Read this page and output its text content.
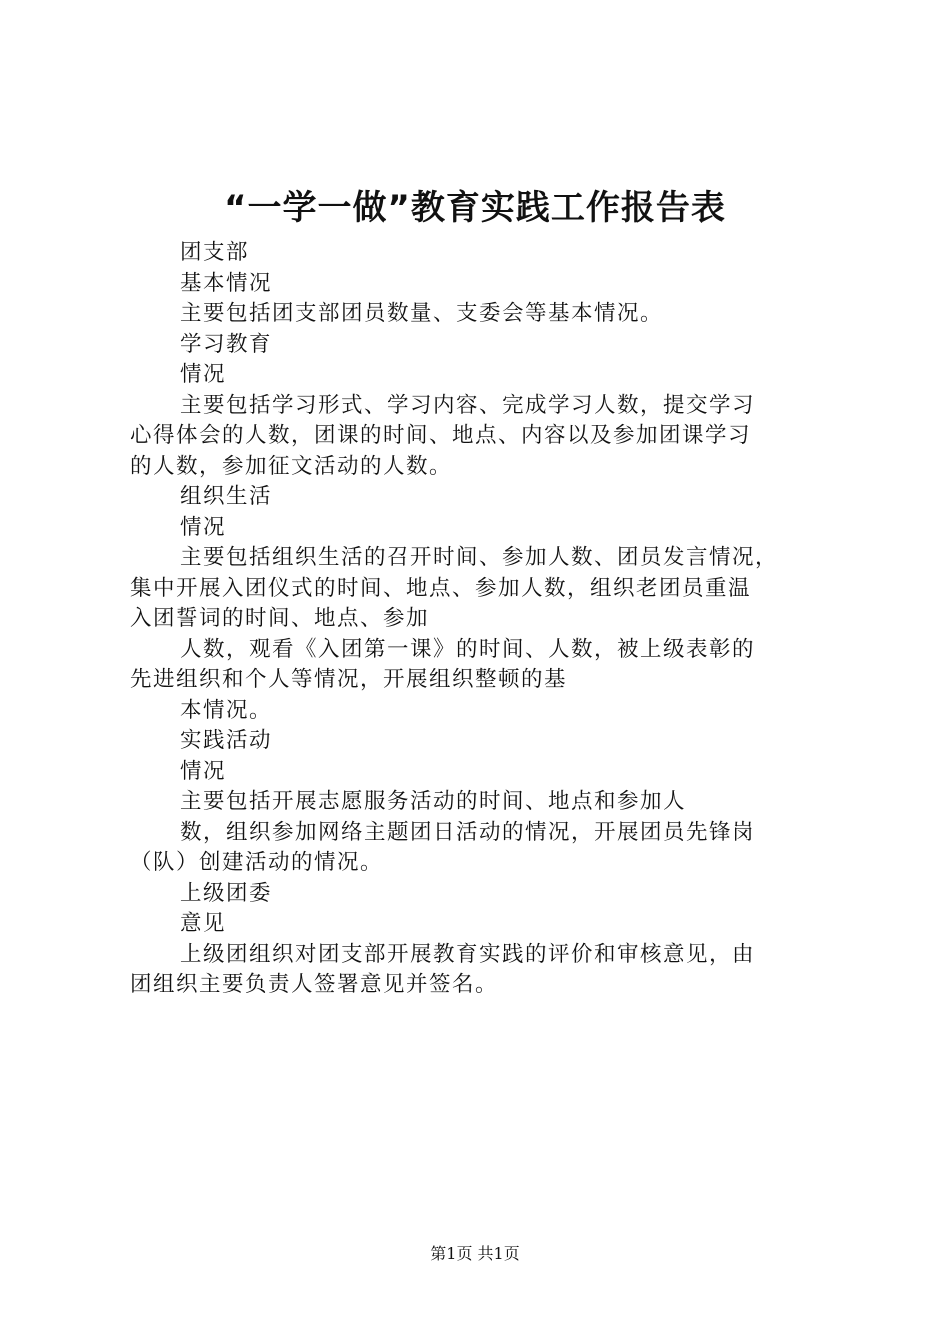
“一学一做”教育实践工作报告表
团支部
基本情况
主要包括团支部团员数量、支委会等基本情况。
学习教育
情况
主要包括学习形式、学习内容、完成学习人数，提交学习
心得体会的人数，团课的时间、地点、内容以及参加团课学习
的人数，参加征文活动的人数。
组织生活
情况
主要包括组织生活的召开时间、参加人数、团员发言情况，
集中开展入团仪式的时间、地点、参加人数，组织老团员重温
入团誓词的时间、地点、参加
人数，观看《入团第一课》的时间、人数，被上级表彰的
先进组织和个人等情况，开展组织整顿的基
本情况。
实践活动
情况
主要包括开展志愿服务活动的时间、地点和参加人
数，组织参加网络主题团日活动的情况，开展团员先锋岗
（队）创建活动的情况。
上级团委
意见
上级团组织对团支部开展教育实践的评价和审核意见，由
团组织主要负责人签署意见并签名。
第1页 共1页
